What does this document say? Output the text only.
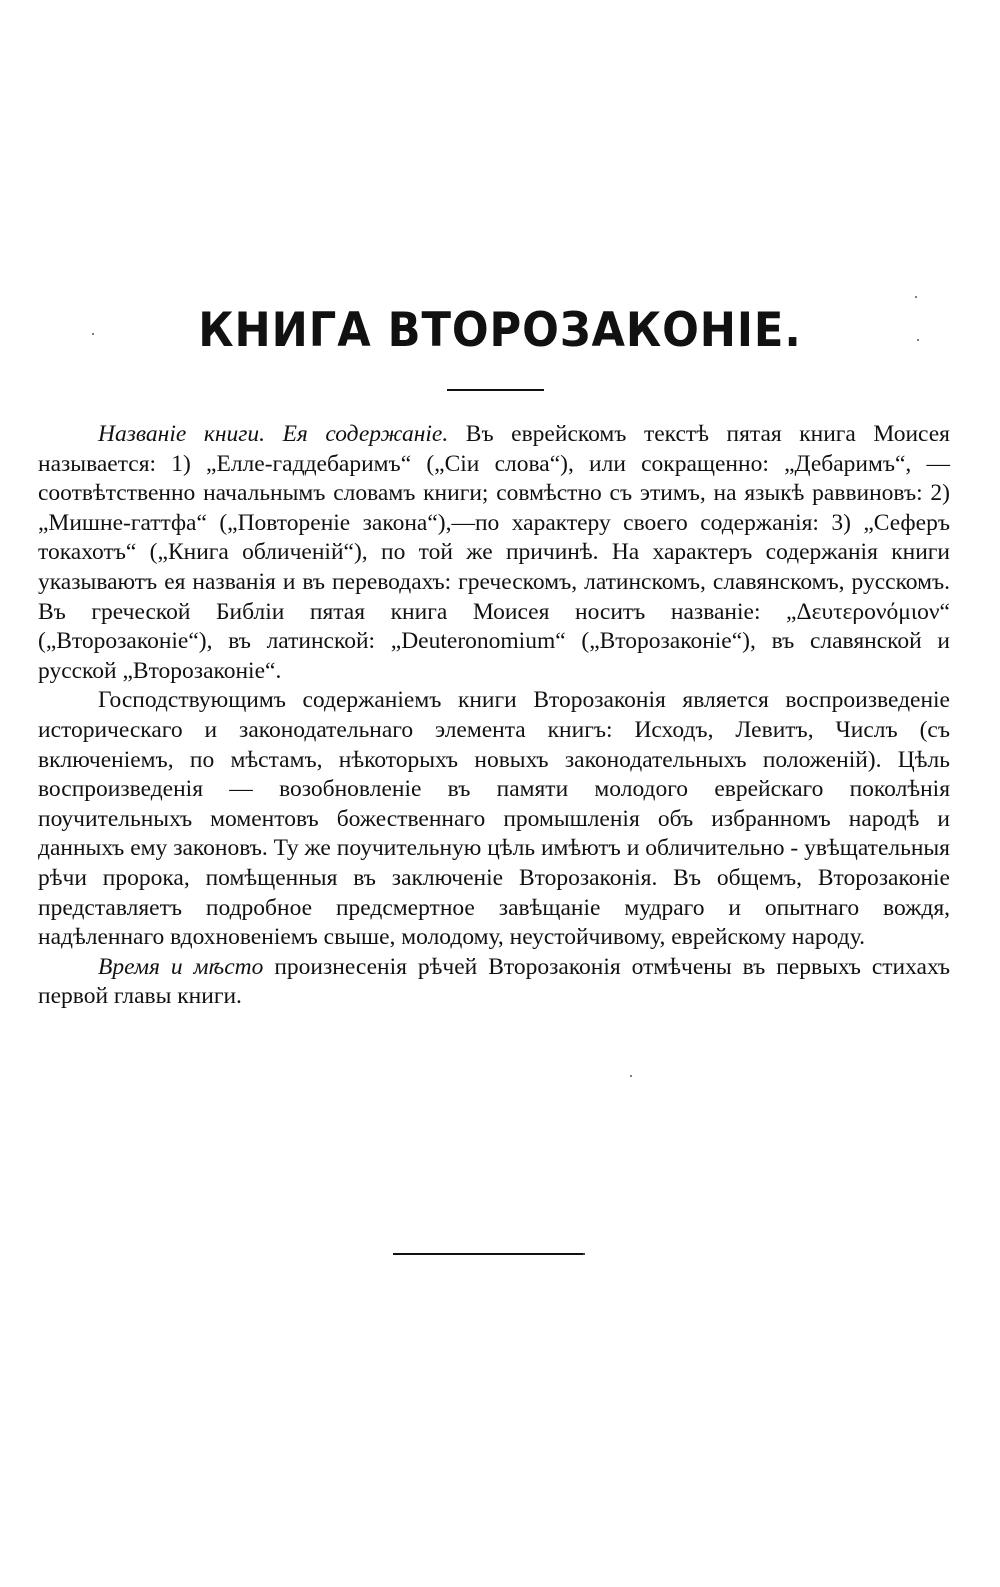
КНИГА ВТОРОЗАКОНІЕ.

Названіе книги. Ея содержаніе. Въ еврейскомъ текстѣ пятая книга Моисея называется: 1) „Елле-гаддебаримъ“ („Сіи слова“), или сокращенно: „Дебаримъ“, — соотвѣтственно начальнымъ словамъ книги; совмѣстно съ этимъ, на языкѣ раввиновъ: 2) „Мишне-гаттфа“ („Повтореніе закона“),—по характеру своего содержанія: 3) „Сеферъ токахотъ“ („Книга обличеній“), по той же причинѣ. На характеръ содержанія книги указываютъ ея названія и въ переводахъ: греческомъ, латинскомъ, славянскомъ, русскомъ. Въ греческой Библіи пятая книга Моисея носитъ названіе: „Δευτερονόμιον“ („Второзаконіе“), въ латинской: „Deuteronomium“ („Второзаконіе“), въ славянской и русской „Второзаконіе“.

Господствующимъ содержаніемъ книги Второзаконія является воспроизведеніе историческаго и законодательнаго элемента книгъ: Исходъ, Левитъ, Числъ (съ включеніемъ, по мѣстамъ, нѣкоторыхъ новыхъ законодательныхъ положеній). Цѣль воспроизведенія — возобновленіе въ памяти молодого еврейскаго поколѣнія поучительныхъ моментовъ божественнаго промышленія объ избранномъ народѣ и данныхъ ему законовъ. Ту же поучительную цѣль имѣютъ и обличительно - увѣщательныя рѣчи пророка, помѣщенныя въ заключеніе Второзаконія. Въ общемъ, Второзаконіе представляетъ подробное предсмертное завѣщаніе мудраго и опытнаго вождя, надѣленнаго вдохновеніемъ свыше, молодому, неустойчивому, еврейскому народу.

Время и мѣсто произнесенія рѣчей Второзаконія отмѣчены въ первыхъ стихахъ первой главы книги.
